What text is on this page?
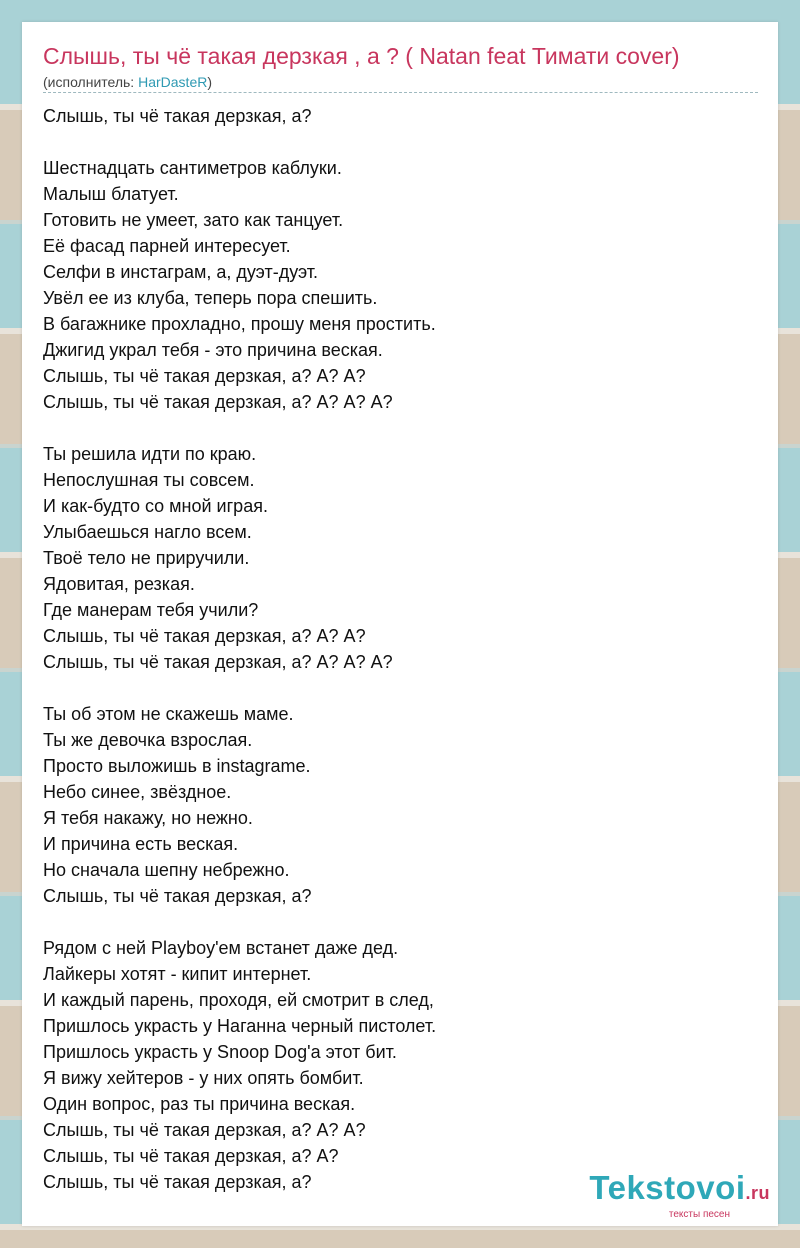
Слышь, ты чё такая дерзкая , а ? ( Natan feat Тимати cover)
(исполнитель: HarDasteR)
Слышь, ты чё такая дерзкая, а?
Шестнадцать сантиметров каблуки.
Малыш блатует.
Готовить не умеет, зато как танцует.
Её фасад парней интересует.
Селфи в инстаграм, а, дуэт-дуэт.
Увёл ее из клуба, теперь пора спешить.
В багажнике прохладно, прошу меня простить.
Джигид украл тебя - это причина веская.
Слышь, ты чё такая дерзкая, а? А? А?
Слышь, ты чё такая дерзкая, а? А? А? А?
Ты решила идти по краю.
Непослушная ты совсем.
И как-будто со мной играя.
Улыбаешься нагло всем.
Твоё тело не приручили.
Ядовитая, резкая.
Где манерам тебя учили?
Слышь, ты чё такая дерзкая, а? А? А?
Слышь, ты чё такая дерзкая, а? А? А? А?
Ты об этом не скажешь маме.
Ты же девочка взрослая.
Просто выложишь в instagrame.
Небо синее, звёздное.
Я тебя накажу, но нежно.
И причина есть веская.
Но сначала шепну небрежно.
Слышь, ты чё такая дерзкая, а?
Рядом с ней Playboy'ем встанет даже дед.
Лайкеры хотят - кипит интернет.
И каждый парень, проходя, ей смотрит в след,
Пришлось украсть у Наганна черный пистолет.
Пришлось украсть у Snoop Dog'а этот бит.
Я вижу хейтеров - у них опять бомбит.
Один вопрос, раз ты причина веская.
Слышь, ты чё такая дерзкая, а? А? А?
Слышь, ты чё такая дерзкая, а? А?
Слышь, ты чё такая дерзкая, а?	Tekstovoi.ru
тексты песен
